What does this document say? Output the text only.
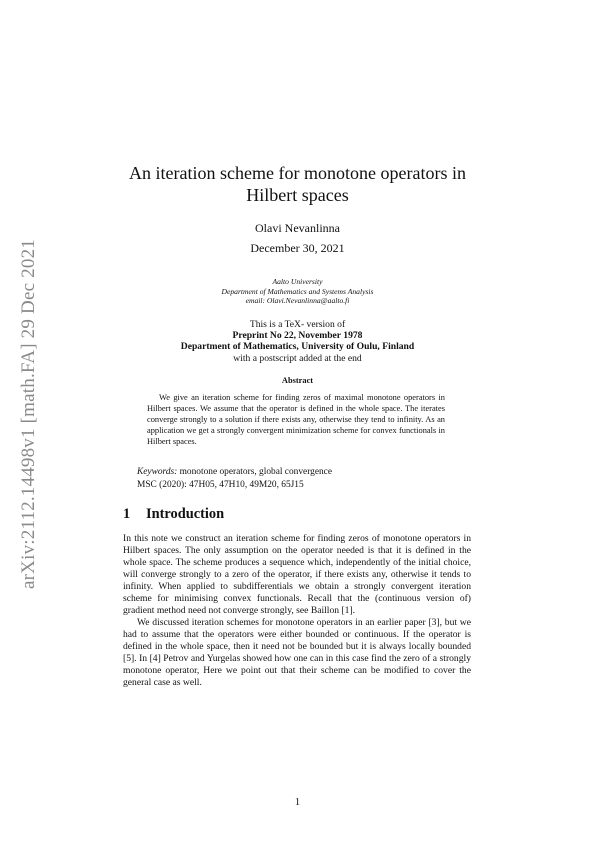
arXiv:2112.14498v1 [math.FA] 29 Dec 2021
An iteration scheme for monotone operators in
Hilbert spaces
Olavi Nevanlinna
December 30, 2021
Aalto University
Department of Mathematics and Systems Analysis
email: Olavi.Nevanlinna@aalto.fi
This is a TeX- version of
Preprint No 22, November 1978
Department of Mathematics, University of Oulu, Finland
with a postscript added at the end
Abstract

We give an iteration scheme for finding zeros of maximal monotone operators in Hilbert spaces. We assume that the operator is defined in the whole space. The iterates converge strongly to a solution if there exists any, otherwise they tend to infinity. As an application we get a strongly convergent minimization scheme for convex functionals in Hilbert spaces.

Keywords: monotone operators, global convergence
MSC (2020): 47H05, 47H10, 49M20, 65J15
1 Introduction

In this note we construct an iteration scheme for finding zeros of monotone operators in Hilbert spaces. The only assumption on the operator needed is that it is defined in the whole space. The scheme produces a sequence which, independently of the initial choice, will converge strongly to a zero of the operator, if there exists any, otherwise it tends to infinity. When applied to subdifferentials we obtain a strongly convergent iteration scheme for minimising convex functionals. Recall that the (continuous version of) gradient method need not converge strongly, see Baillon [1].

We discussed iteration schemes for monotone operators in an earlier paper [3], but we had to assume that the operators were either bounded or continuous. If the operator is defined in the whole space, then it need not be bounded but it is always locally bounded [5]. In [4] Petrov and Yurgelas showed how one can in this case find the zero of a strongly monotone operator, Here we point out that their scheme can be modified to cover the general case as well.

1
